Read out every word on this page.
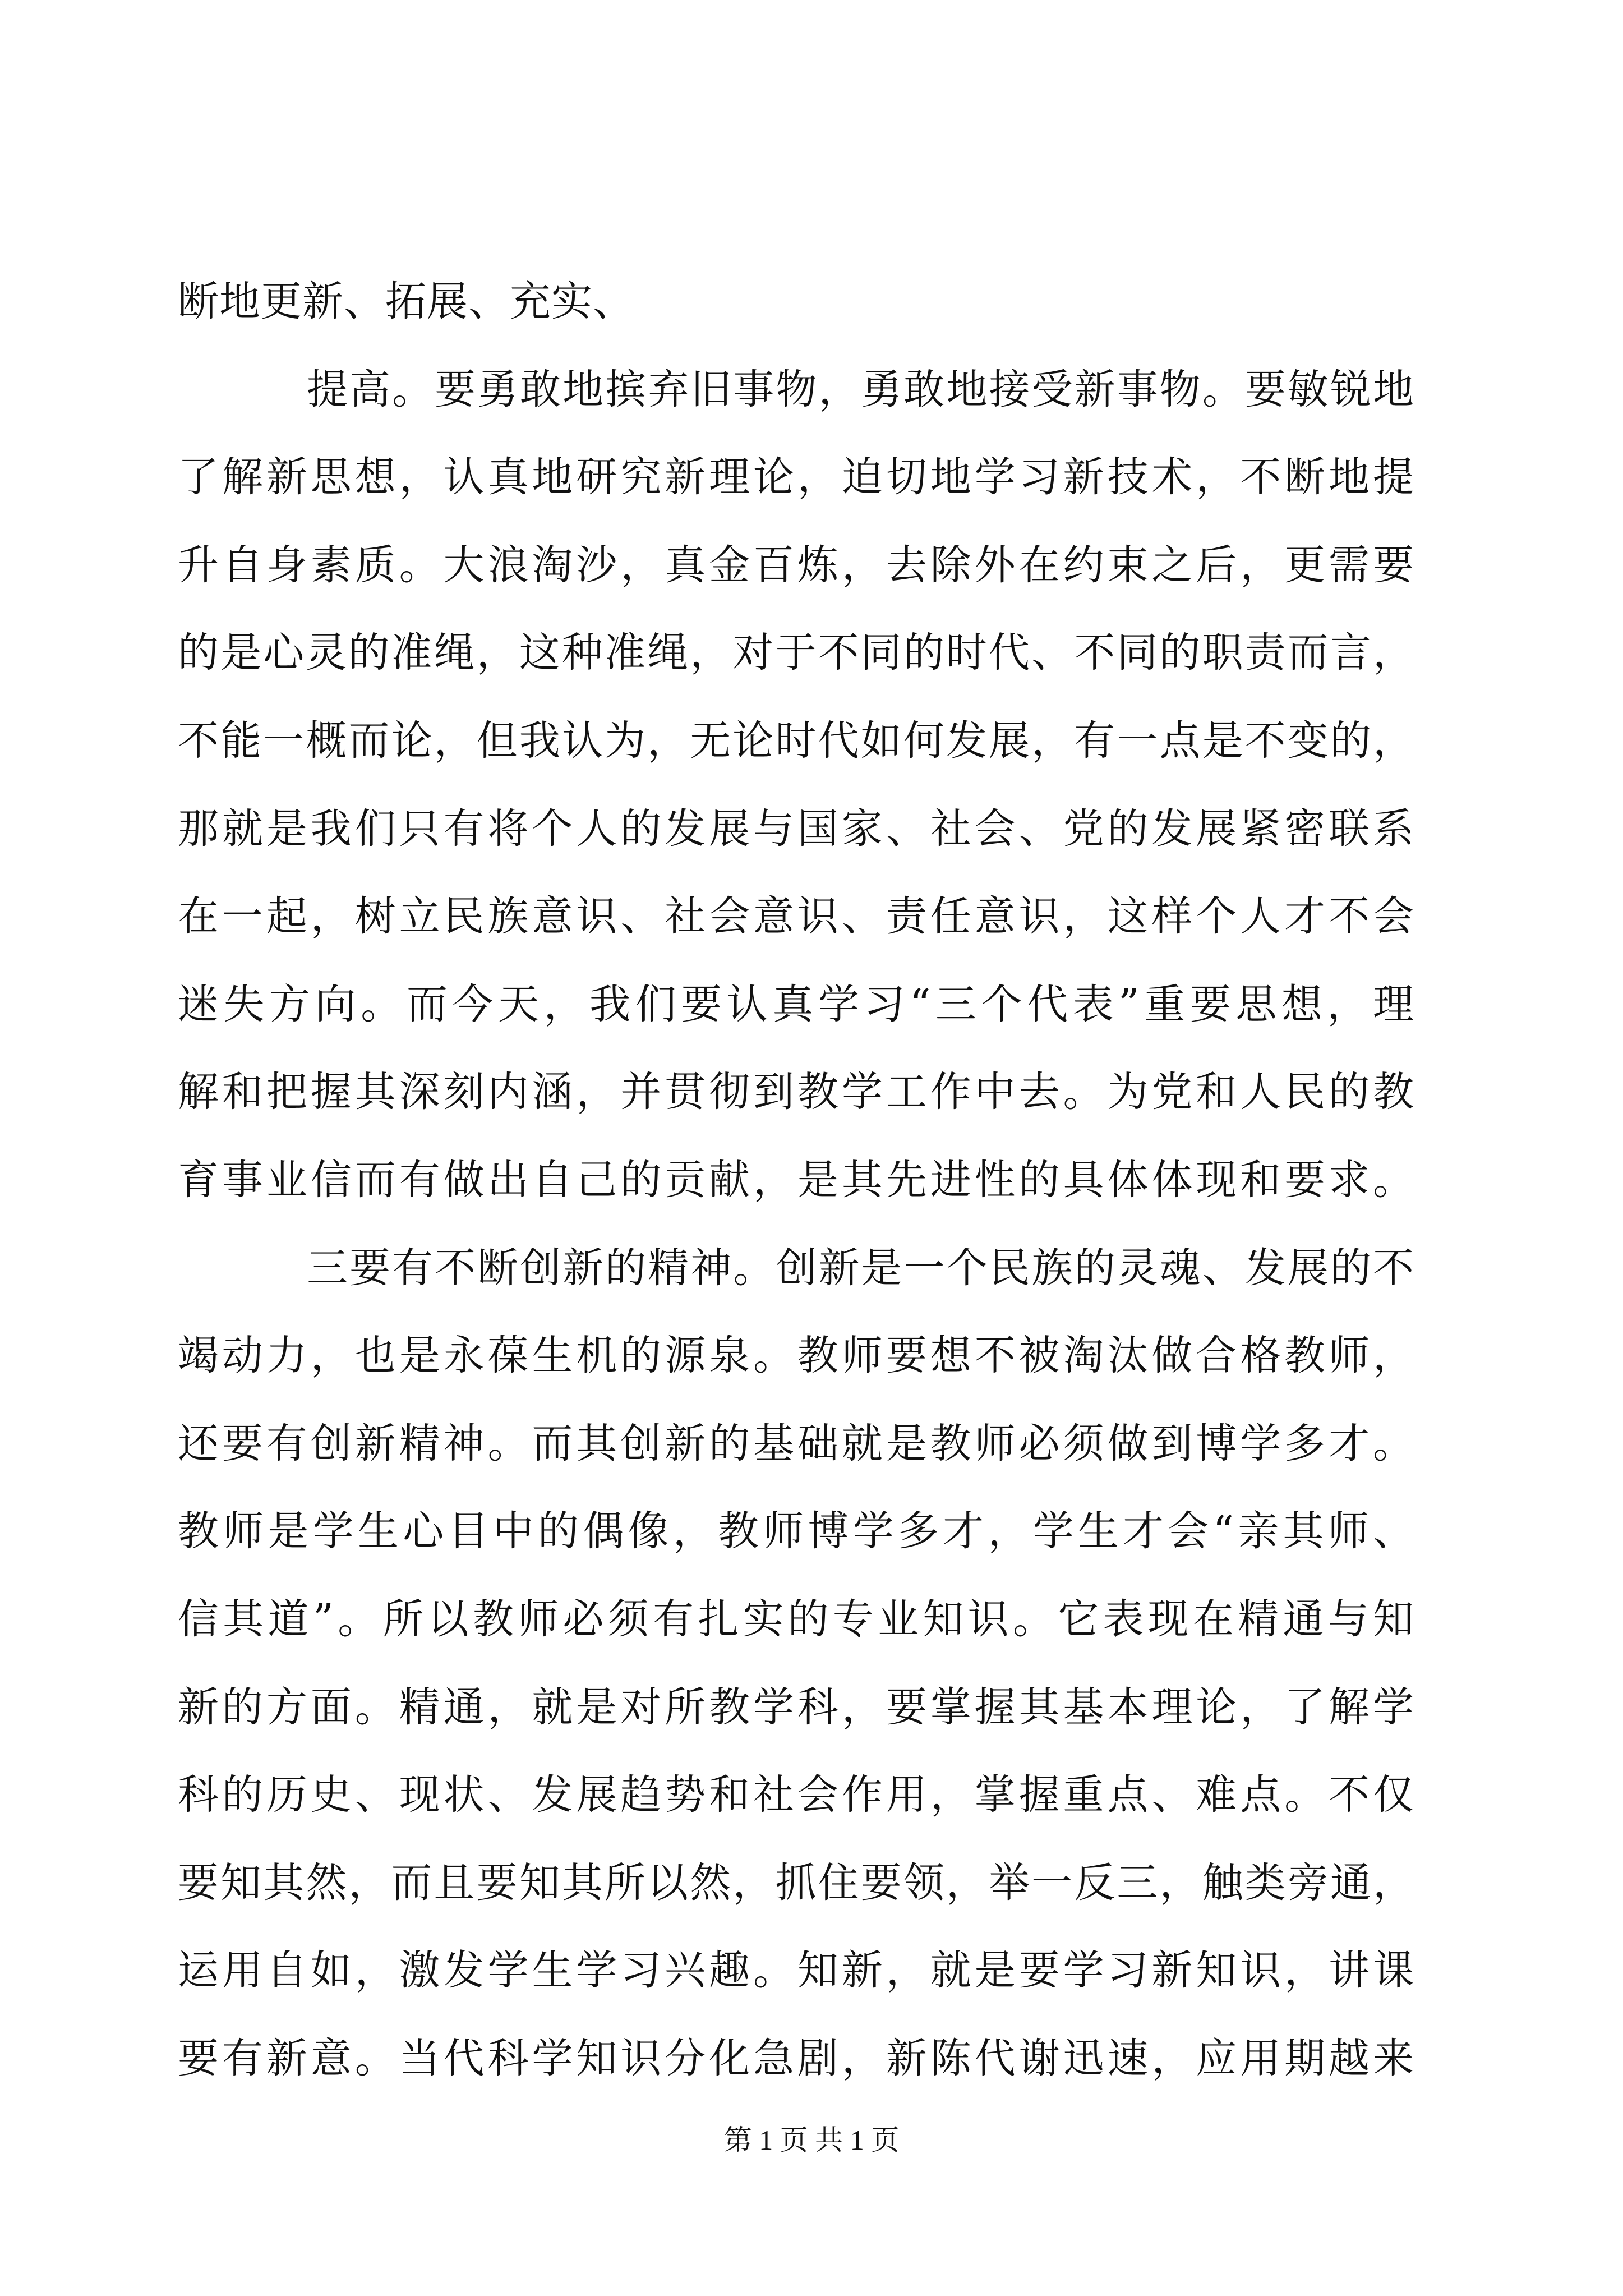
断地更新、拓展、充实、
提高。要勇敢地摈弃旧事物，勇敢地接受新事物。要敏锐地
了解新思想，认真地研究新理论，迫切地学习新技术，不断地提
升自身素质。大浪淘沙，真金百炼，去除外在约束之后，更需要
的是心灵的准绳，这种准绳，对于不同的时代、不同的职责而言，
不能一概而论，但我认为，无论时代如何发展，有一点是不变的，
那就是我们只有将个人的发展与国家、社会、党的发展紧密联系
在一起，树立民族意识、社会意识、责任意识，这样个人才不会
迷失方向。而今天，我们要认真学习“三个代表”重要思想，理
解和把握其深刻内涵，并贯彻到教学工作中去。为党和人民的教
育事业信而有做出自己的贡献，是其先进性的具体体现和要求。
三要有不断创新的精神。创新是一个民族的灵魂、发展的不
竭动力，也是永葆生机的源泉。教师要想不被淘汰做合格教师，
还要有创新精神。而其创新的基础就是教师必须做到博学多才。
教师是学生心目中的偶像，教师博学多才，学生才会“亲其师、
信其道”。所以教师必须有扎实的专业知识。它表现在精通与知
新的方面。精通，就是对所教学科，要掌握其基本理论，了解学
科的历史、现状、发展趋势和社会作用，掌握重点、难点。不仅
要知其然，而且要知其所以然，抓住要领，举一反三，触类旁通，
运用自如，激发学生学习兴趣。知新，就是要学习新知识，讲课
要有新意。当代科学知识分化急剧，新陈代谢迅速，应用期越来
第 1 页 共 1 页
